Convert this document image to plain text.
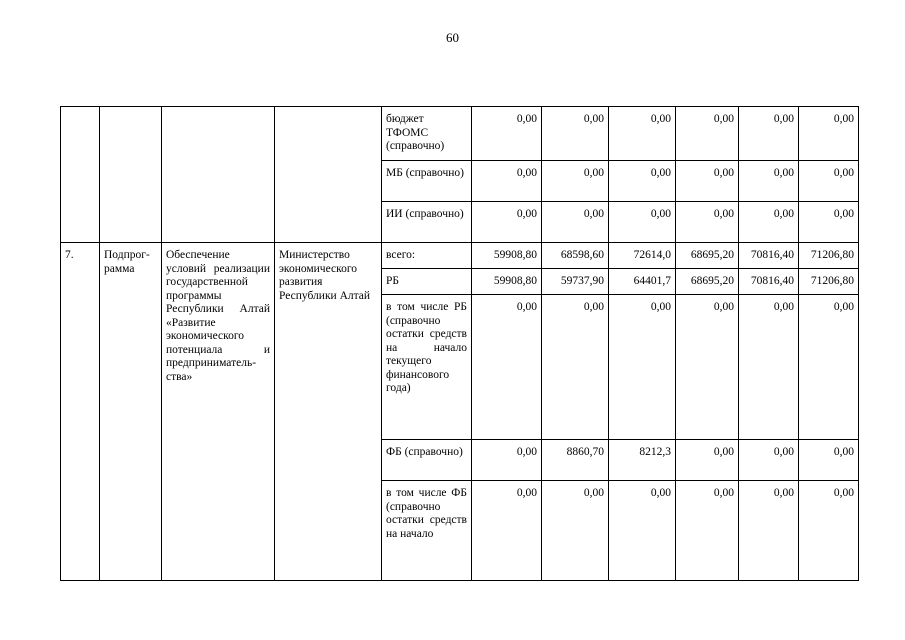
60
				бюджет ТФОМС (справочно)	0,00	0,00	0,00	0,00	0,00	0,00
				МБ (справочно)	0,00	0,00	0,00	0,00	0,00	0,00
				ИИ (справочно)	0,00	0,00	0,00	0,00	0,00	0,00
7.	Подпрог-рамма	Обеспечение условий реализации государственной программы Республики Алтай «Развитие экономического потенциала и предприниматель-ства»	Министерство экономического развития Республики Алтай	всего:	59908,80	68598,60	72614,0	68695,20	70816,40	71206,80
				РБ	59908,80	59737,90	64401,7	68695,20	70816,40	71206,80
				в том числе РБ (справочно остатки средств на начало текущего финансового года)	0,00	0,00	0,00	0,00	0,00	0,00
				ФБ (справочно)	0,00	8860,70	8212,3	0,00	0,00	0,00
				в том числе ФБ (справочно остатки средств на начало	0,00	0,00	0,00	0,00	0,00	0,00
